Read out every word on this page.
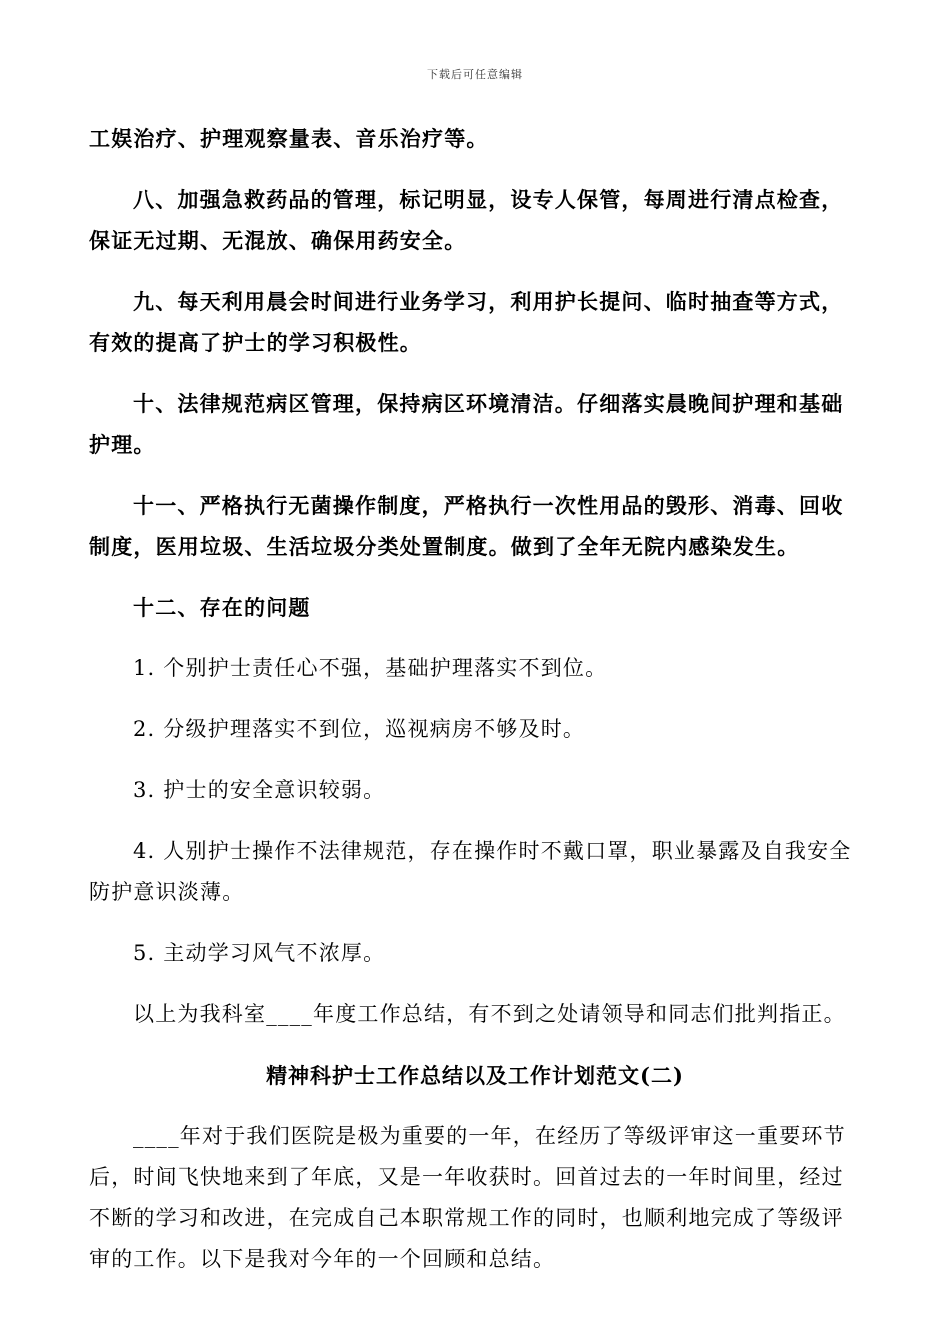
下载后可任意编辑

工娱治疗、护理观察量表、音乐治疗等。

八、加强急救药品的管理，标记明显，设专人保管，每周进行清点检查，保证无过期、无混放、确保用药安全。

九、每天利用晨会时间进行业务学习，利用护长提问、临时抽查等方式，有效的提高了护士的学习积极性。

十、法律规范病区管理，保持病区环境清洁。仔细落实晨晚间护理和基础护理。

十一、严格执行无菌操作制度，严格执行一次性用品的毁形、消毒、回收制度，医用垃圾、生活垃圾分类处置制度。做到了全年无院内感染发生。

十二、存在的问题

1. 个别护士责任心不强，基础护理落实不到位。

2. 分级护理落实不到位，巡视病房不够及时。

3. 护士的安全意识较弱。

4. 人别护士操作不法律规范，存在操作时不戴口罩，职业暴露及自我安全防护意识淡薄。

5. 主动学习风气不浓厚。

以上为我科室____年度工作总结，有不到之处请领导和同志们批判指正。

精神科护士工作总结以及工作计划范文(二)

____年对于我们医院是极为重要的一年，在经历了等级评审这一重要环节后，时间飞快地来到了年底，又是一年收获时。回首过去的一年时间里，经过不断的学习和改进，在完成自己本职常规工作的同时，也顺利地完成了等级评审的工作。以下是我对今年的一个回顾和总结。
